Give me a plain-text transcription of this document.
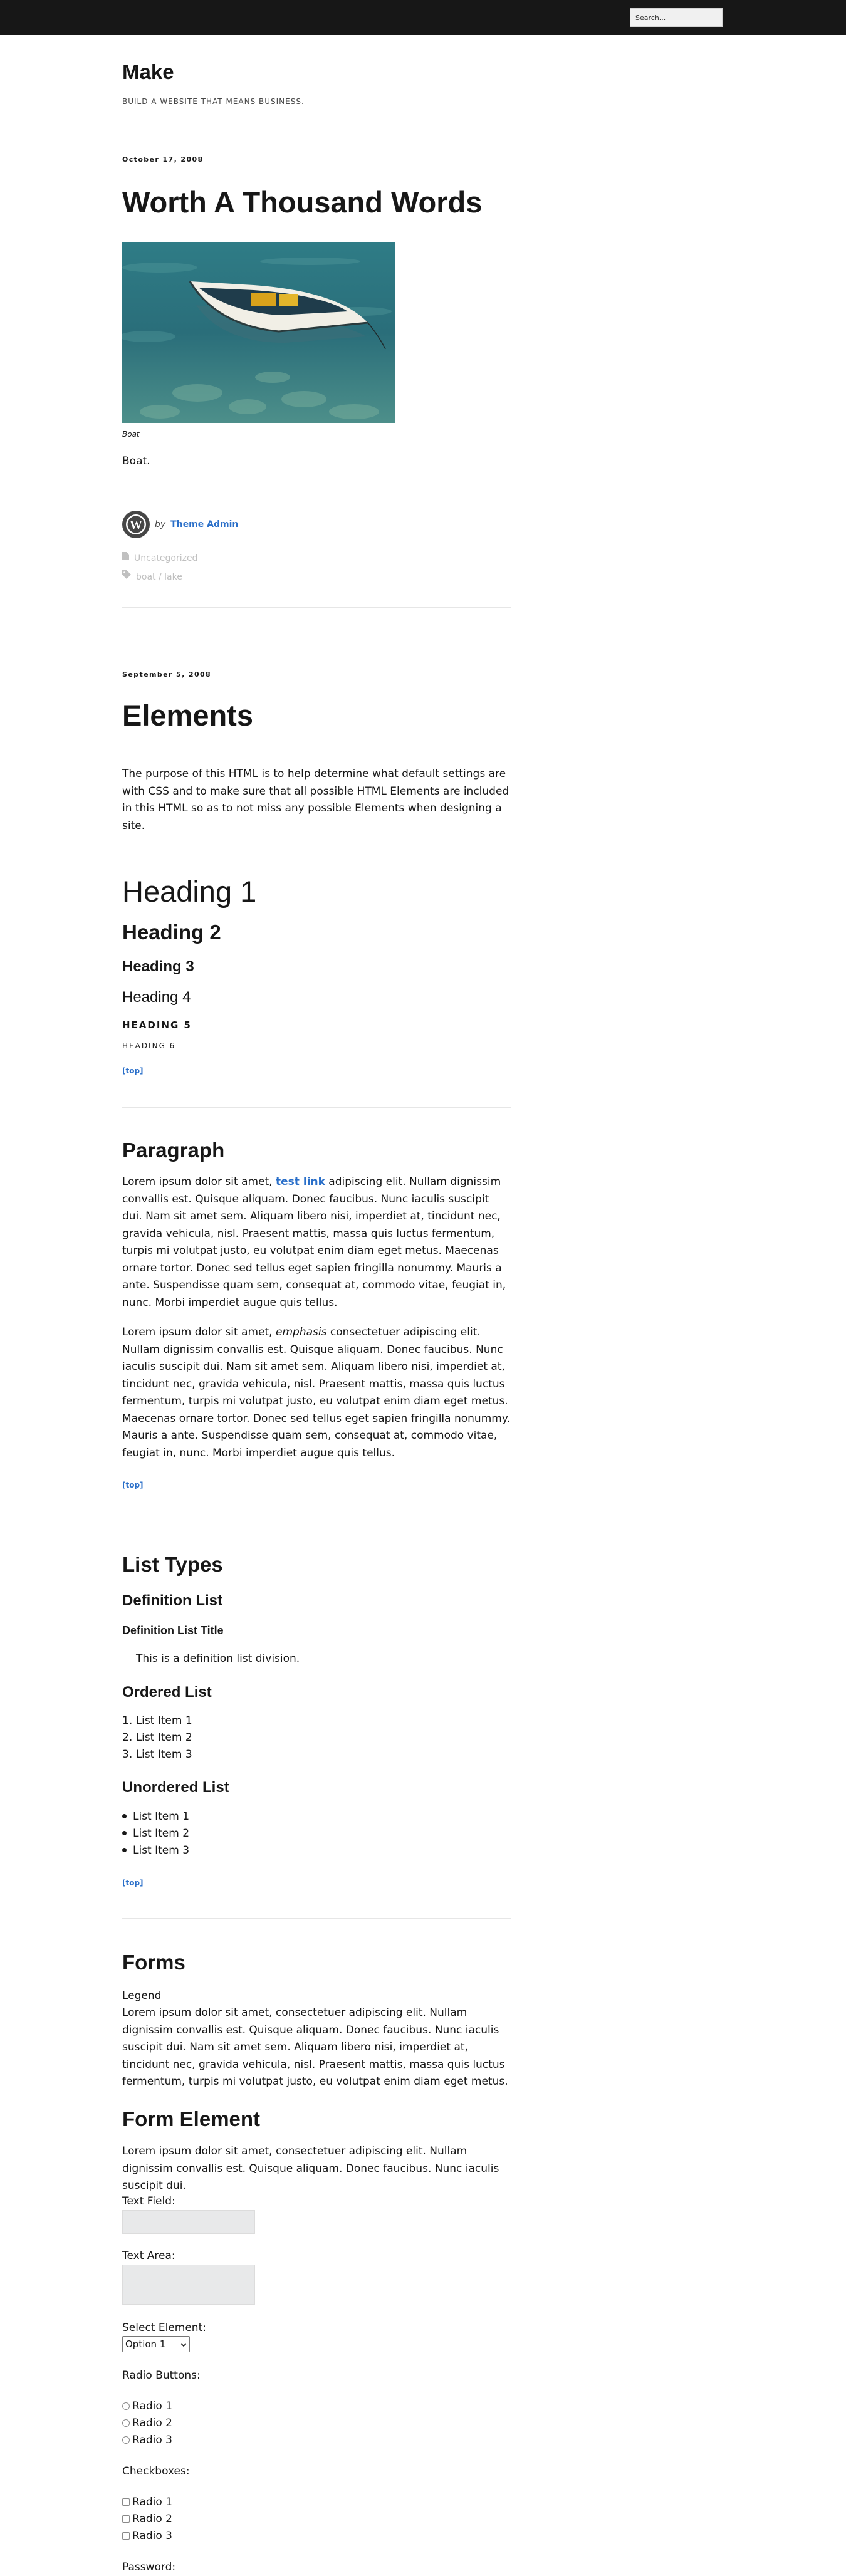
Search...
Make
BUILD A WEBSITE THAT MEANS BUSINESS.
October 17, 2008
Worth A Thousand Words
Boat
Boat.
W by Theme Admin
Uncategorized
boat / lake
September 5, 2008
Elements
The purpose of this HTML is to help determine what default settings are with CSS and to make sure that all possible HTML Elements are included in this HTML so as to not miss any possible Elements when designing a site.
Heading 1
Heading 2
Heading 3
Heading 4
HEADING 5
HEADING 6
[top]
Paragraph
Lorem ipsum dolor sit amet, test link adipiscing elit. Nullam dignissim convallis est. Quisque aliquam. Donec faucibus. Nunc iaculis suscipit dui. Nam sit amet sem. Aliquam libero nisi, imperdiet at, tincidunt nec, gravida vehicula, nisl. Praesent mattis, massa quis luctus fermentum, turpis mi volutpat justo, eu volutpat enim diam eget metus. Maecenas ornare tortor. Donec sed tellus eget sapien fringilla nonummy. Mauris a ante. Suspendisse quam sem, consequat at, commodo vitae, feugiat in, nunc. Morbi imperdiet augue quis tellus.
Lorem ipsum dolor sit amet, emphasis consectetuer adipiscing elit. Nullam dignissim convallis est. Quisque aliquam. Donec faucibus. Nunc iaculis suscipit dui. Nam sit amet sem. Aliquam libero nisi, imperdiet at, tincidunt nec, gravida vehicula, nisl. Praesent mattis, massa quis luctus fermentum, turpis mi volutpat justo, eu volutpat enim diam eget metus. Maecenas ornare tortor. Donec sed tellus eget sapien fringilla nonummy. Mauris a ante. Suspendisse quam sem, consequat at, commodo vitae, feugiat in, nunc. Morbi imperdiet augue quis tellus.
[top]
List Types
Definition List
Definition List Title
This is a definition list division.
Ordered List
1. List Item 1
2. List Item 2
3. List Item 3
Unordered List
List Item 1
List Item 2
List Item 3
[top]
Forms
Legend
Lorem ipsum dolor sit amet, consectetuer adipiscing elit. Nullam dignissim convallis est. Quisque aliquam. Donec faucibus. Nunc iaculis suscipit dui. Nam sit amet sem. Aliquam libero nisi, imperdiet at, tincidunt nec, gravida vehicula, nisl. Praesent mattis, massa quis luctus fermentum, turpis mi volutpat justo, eu volutpat enim diam eget metus.
Form Element
Lorem ipsum dolor sit amet, consectetuer adipiscing elit. Nullam dignissim convallis est. Quisque aliquam. Donec faucibus. Nunc iaculis suscipit dui.
Text Field:
Text Area:
Select Element:
Option 1
Radio Buttons:
Radio 1
Radio 2
Radio 3
Checkboxes:
Radio 1
Radio 2
Radio 3
Password:
